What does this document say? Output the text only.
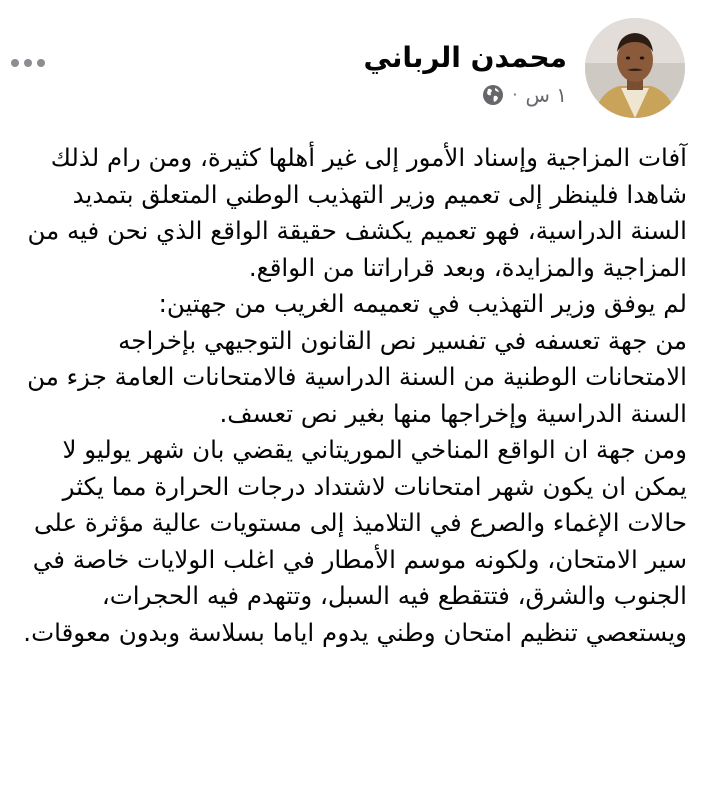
محمدن الرباني
١ س
·

آفات المزاجية وإسناد الأمور إلى غير أهلها كثيرة، ومن رام لذلك شاهدا فلينظر إلى تعميم وزير التهذيب الوطني المتعلق بتمديد السنة الدراسية، فهو تعميم يكشف حقيقة الواقع الذي نحن فيه من المزاجية والمزايدة، وبعد قراراتنا من الواقع.

لم يوفق وزير التهذيب في تعميمه الغريب من جهتين:

من جهة تعسفه في تفسير نص القانون التوجيهي بإخراجه الامتحانات الوطنية من السنة الدراسية فالامتحانات العامة جزء من السنة الدراسية وإخراجها منها بغير نص تعسف.

ومن جهة ان الواقع المناخي الموريتاني يقضي بان شهر يوليو لا يمكن ان يكون شهر امتحانات لاشتداد درجات الحرارة مما يكثر حالات الإغماء والصرع في التلاميذ إلى مستويات عالية مؤثرة على سير الامتحان، ولكونه موسم الأمطار في اغلب الولايات خاصة في الجنوب والشرق، فتتقطع فيه السبل، وتتهدم فيه الحجرات، ويستعصي تنظيم امتحان وطني يدوم اياما بسلاسة وبدون معوقات.
